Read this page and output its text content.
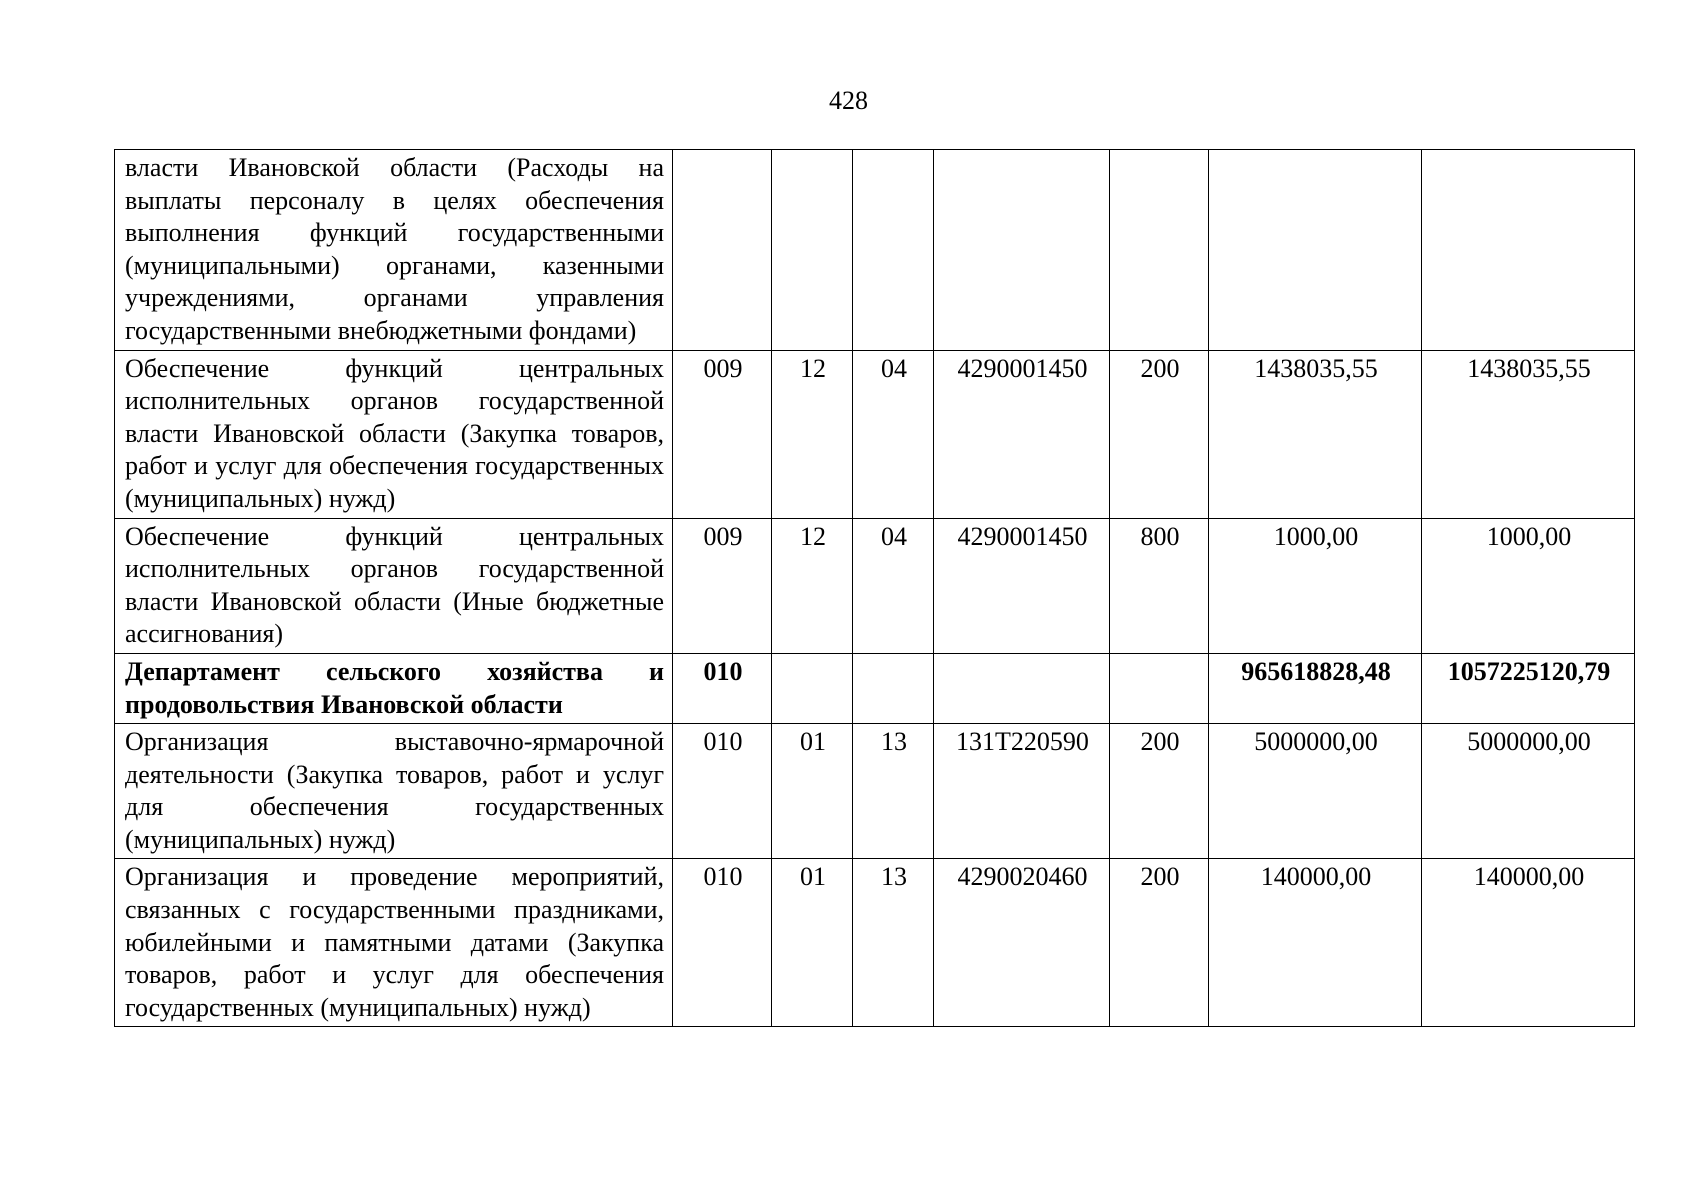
428
власти Ивановской области (Расходы на выплаты персоналу в целях обеспечения выполнения функций государственными (муниципальными) органами, казенными учреждениями, органами управления государственными внебюджетными фондами)							
Обеспечение функций центральных исполнительных органов государственной власти Ивановской области (Закупка товаров, работ и услуг для обеспечения государственных (муниципальных) нужд)	009	12	04	4290001450	200	1438035,55	1438035,55
Обеспечение функций центральных исполнительных органов государственной власти Ивановской области (Иные бюджетные ассигнования)	009	12	04	4290001450	800	1000,00	1000,00
Департамент сельского хозяйства и продовольствия Ивановской области	010					965618828,48	1057225120,79
Организация выставочно-ярмарочной деятельности (Закупка товаров, работ и услуг для обеспечения государственных (муниципальных) нужд)	010	01	13	131Т220590	200	5000000,00	5000000,00
Организация и проведение мероприятий, связанных с государственными праздниками, юбилейными и памятными датами (Закупка товаров, работ и услуг для обеспечения государственных (муниципальных) нужд)	010	01	13	4290020460	200	140000,00	140000,00
